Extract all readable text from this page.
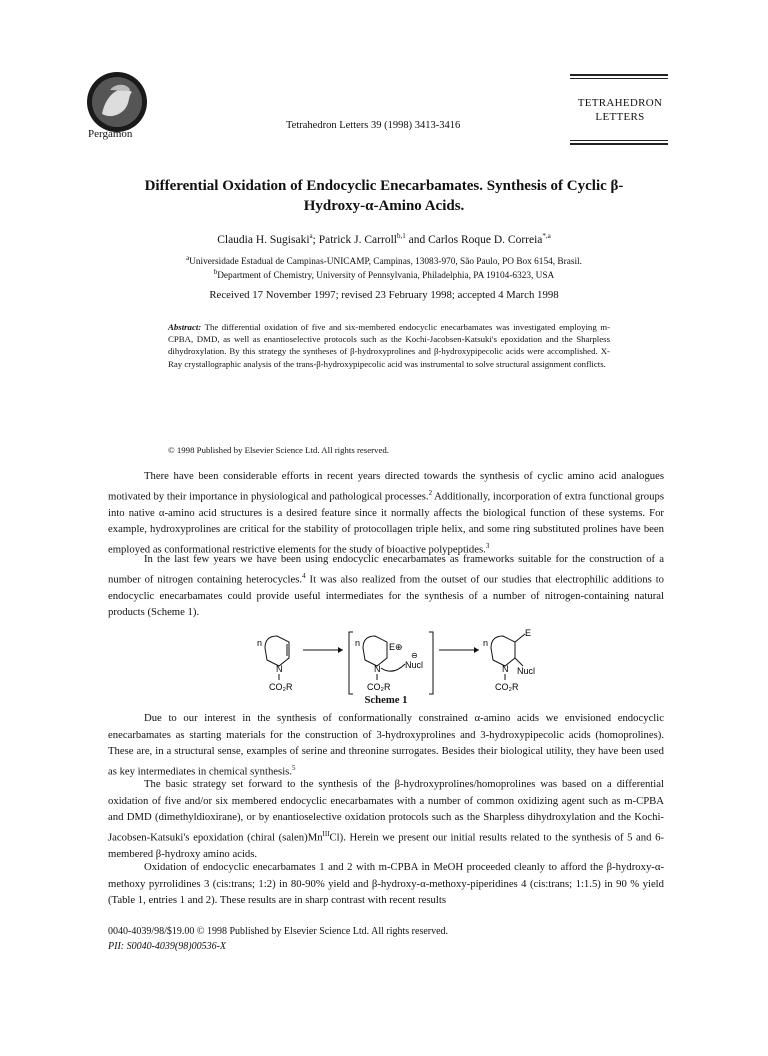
Pergamon
Tetrahedron Letters 39 (1998) 3413-3416
TETRAHEDRON
LETTERS
Differential Oxidation of Endocyclic Enecarbamates. Synthesis of Cyclic β-
Hydroxy-α-Amino Acids.
Claudia H. Sugisaki$^a$; Patrick J. Carroll$^{b,1}$ and Carlos Roque D. Correia$^{*,a}$
$^a$Universidade Estadual de Campinas-UNICAMP, Campinas, 13083-970, São Paulo, PO Box 6154, Brasil.
$^b$Department of Chemistry, University of Pennsylvania, Philadelphia, PA 19104-6323, USA
Received 17 November 1997; revised 23 February 1998; accepted 4 March 1998
Abstract: The differential oxidation of five and six-membered endocyclic enecarbamates was investigated employing m-CPBA, DMD, as well as enantioselective protocols such as the Kochi-Jacobsen-Katsuki's epoxidation and the Sharpless dihydroxylation. By this strategy the syntheses of β-hydroxyprolines and β-hydroxypipecolic acids were accomplished. X-Ray crystallographic analysis of the trans-β-hydroxypipecolic acid was instrumental to solve structural assignment conflicts.
© 1998 Published by Elsevier Science Ltd. All rights reserved.
There have been considerable efforts in recent years directed towards the synthesis of cyclic amino acid analogues motivated by their importance in physiological and pathological processes.$^2$ Additionally, incorporation of extra functional groups into native α-amino acid structures is a desired feature since it normally affects the biological function of these systems. For example, hydroxyprolines are critical for the stability of protocollagen triple helix, and some ring substituted prolines have been employed as conformational restrictive elements for the study of bioactive polypeptides.$^3$
In the last few years we have been using endocyclic enecarbamates as frameworks suitable for the construction of a number of nitrogen containing heterocycles.$^4$ It was also realized from the outset of our studies that electrophilic additions to endocyclic enecarbamates could provide useful intermediates for the synthesis of a number of nitrogen-containing natural products (Scheme 1).
n
N
CO₂R
n	E⊕
N	Nucl
⊖
CO₂R
n
E
Nucl
N
CO₂R
Scheme 1
Due to our interest in the synthesis of conformationally constrained α-amino acids we envisioned endocyclic enecarbamates as starting materials for the construction of 3-hydroxyprolines and 3-hydroxypipecolic acids (homoprolines). These are, in a structural sense, examples of serine and threonine surrogates. Besides their biological utility, they have been used as key intermediates in chemical synthesis.$^5$
The basic strategy set forward to the synthesis of the β-hydroxyprolines/homoprolines was based on a differential oxidation of five and/or six membered endocyclic enecarbamates with a number of common oxidizing agent such as m-CPBA and DMD (dimethyldioxirane), or by enantioselective oxidation protocols such as the Sharpless dihydroxylation and the Kochi-Jacobsen-Katsuki's epoxidation (chiral $(salen)Mn^{III}Cl$). Herein we present our initial results related to the synthesis of 5 and 6-membered β-hydroxy amino acids.
Oxidation of endocyclic enecarbamates 1 and 2 with m-CPBA in MeOH proceeded cleanly to afford the β-hydroxy-α-methoxy pyrrolidines 3 (cis:trans; 1:2) in 80-90% yield and β-hydroxy-α-methoxy-piperidines 4 (cis:trans; 1:1.5) in 90 % yield (Table 1, entries 1 and 2). These results are in sharp contrast with recent results
0040-4039/98/$19.00 © 1998 Published by Elsevier Science Ltd. All rights reserved.
PII: S0040-4039(98)00536-X
